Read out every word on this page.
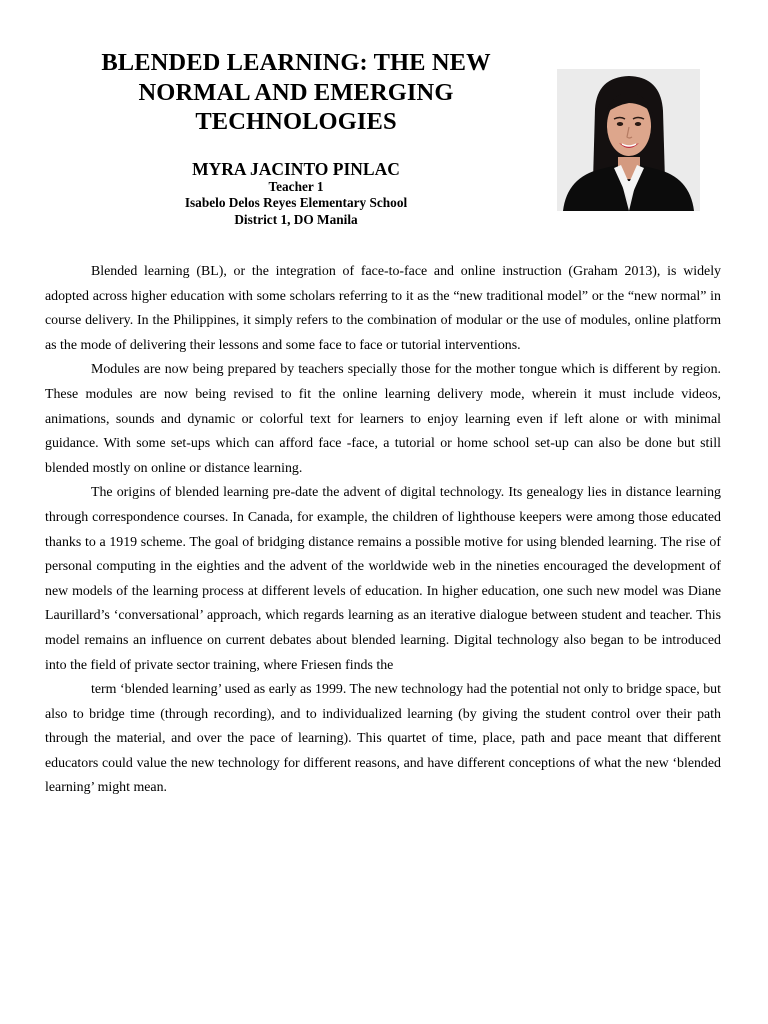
BLENDED LEARNING: THE NEW
NORMAL AND EMERGING
TECHNOLOGIES
MYRA JACINTO PINLAC
Teacher 1
Isabelo Delos Reyes Elementary School
District 1, DO Manila

Blended learning (BL), or the integration of face-to-face and online instruction (Graham 2013), is widely adopted across higher education with some scholars referring to it as the “new traditional model” or the “new normal” in course delivery. In the Philippines, it simply refers to the combination of modular or the use of modules, online platform as the mode of delivering their lessons and some face to face or tutorial interventions.

Modules are now being prepared by teachers specially those for the mother tongue which is different by region. These modules are now being revised to fit the online learning delivery mode, wherein it must include videos, animations, sounds and dynamic or colorful text for learners to enjoy learning even if left alone or with minimal guidance. With some set-ups which can afford face -face, a tutorial or home school set-up can also be done but still blended mostly on online or distance learning.

The origins of blended learning pre-date the advent of digital technology. Its genealogy lies in distance learning through correspondence courses. In Canada, for example, the children of lighthouse keepers were among those educated thanks to a 1919 scheme. The goal of bridging distance remains a possible motive for using blended learning. The rise of personal computing in the eighties and the advent of the worldwide web in the nineties encouraged the development of new models of the learning process at different levels of education. In higher education, one such new model was Diane Laurillard’s ‘conversational’ approach, which regards learning as an iterative dialogue between student and teacher. This model remains an influence on current debates about blended learning. Digital technology also began to be introduced into the field of private sector training, where Friesen finds the

term ‘blended learning’ used as early as 1999. The new technology had the potential not only to bridge space, but also to bridge time (through recording), and to individualized learning (by giving the student control over their path through the material, and over the pace of learning). This quartet of time, place, path and pace meant that different educators could value the new technology for different reasons, and have different conceptions of what the new ‘blended learning’ might mean.
